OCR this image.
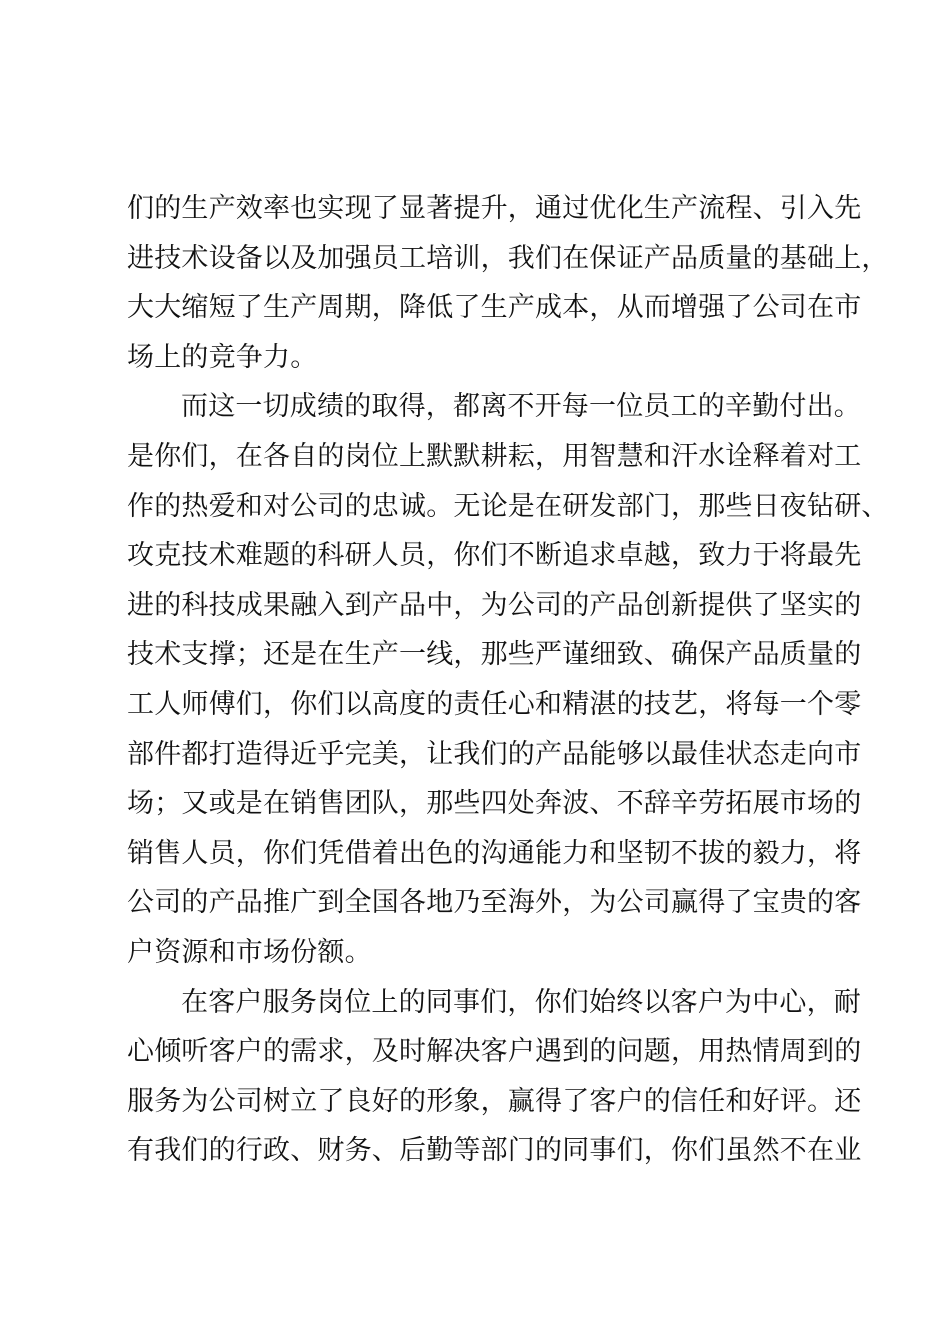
们的生产效率也实现了显著提升，通过优化生产流程、引入先
进技术设备以及加强员工培训，我们在保证产品质量的基础上，
大大缩短了生产周期，降低了生产成本，从而增强了公司在市
场上的竞争力。
而这一切成绩的取得，都离不开每一位员工的辛勤付出。
是你们，在各自的岗位上默默耕耘，用智慧和汗水诠释着对工
作的热爱和对公司的忠诚。无论是在研发部门，那些日夜钻研、
攻克技术难题的科研人员，你们不断追求卓越，致力于将最先
进的科技成果融入到产品中，为公司的产品创新提供了坚实的
技术支撑；还是在生产一线，那些严谨细致、确保产品质量的
工人师傅们，你们以高度的责任心和精湛的技艺，将每一个零
部件都打造得近乎完美，让我们的产品能够以最佳状态走向市
场；又或是在销售团队，那些四处奔波、不辞辛劳拓展市场的
销售人员，你们凭借着出色的沟通能力和坚韧不拔的毅力，将
公司的产品推广到全国各地乃至海外，为公司赢得了宝贵的客
户资源和市场份额。
在客户服务岗位上的同事们，你们始终以客户为中心，耐
心倾听客户的需求，及时解决客户遇到的问题，用热情周到的
服务为公司树立了良好的形象，赢得了客户的信任和好评。还
有我们的行政、财务、后勤等部门的同事们，你们虽然不在业
